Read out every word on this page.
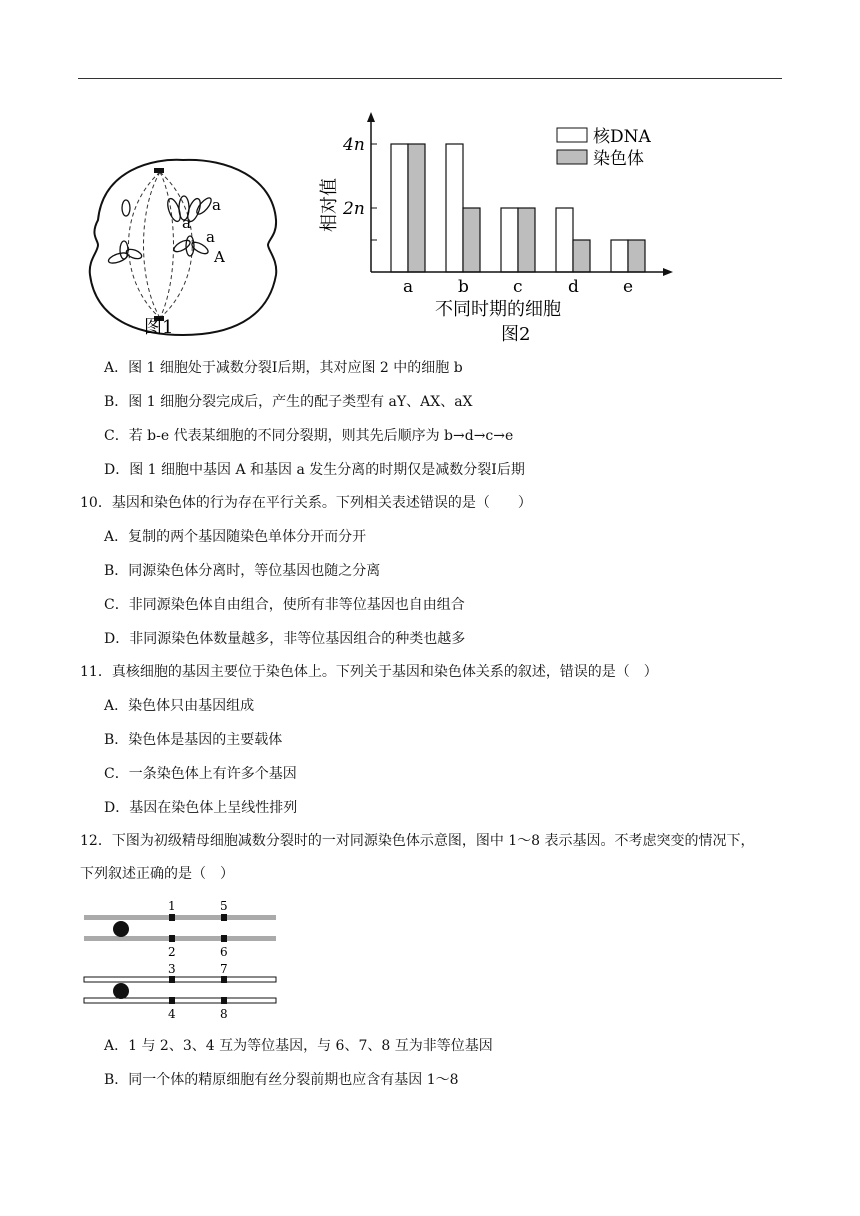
a
a
a
A
图1
4n
2n
相对值
a	b	c	d	e
不同时期的细胞
图2
核DNA
染色体
A．图 1 细胞处于减数分裂Ⅰ后期，其对应图 2 中的细胞 b
B．图 1 细胞分裂完成后，产生的配子类型有 aY、AX、aX
C．若 b-e 代表某细胞的不同分裂期，则其先后顺序为 b→d→c→e
D．图 1 细胞中基因 A 和基因 a 发生分离的时期仅是减数分裂Ⅰ后期
10．基因和染色体的行为存在平行关系。下列相关表述错误的是（　　）
A．复制的两个基因随染色单体分开而分开
B．同源染色体分离时，等位基因也随之分离
C．非同源染色体自由组合，使所有非等位基因也自由组合
D．非同源染色体数量越多，非等位基因组合的种类也越多
11．真核细胞的基因主要位于染色体上。下列关于基因和染色体关系的叙述，错误的是（　）
A．染色体只由基因组成
B．染色体是基因的主要载体
C．一条染色体上有许多个基因
D．基因在染色体上呈线性排列
12．下图为初级精母细胞减数分裂时的一对同源染色体示意图，图中 1～8 表示基因。不考虑突变的情况下，
下列叙述正确的是（　）
1	5
2	6
3	7
4	8
A．1 与 2、3、4 互为等位基因，与 6、7、8 互为非等位基因
B．同一个体的精原细胞有丝分裂前期也应含有基因 1～8
